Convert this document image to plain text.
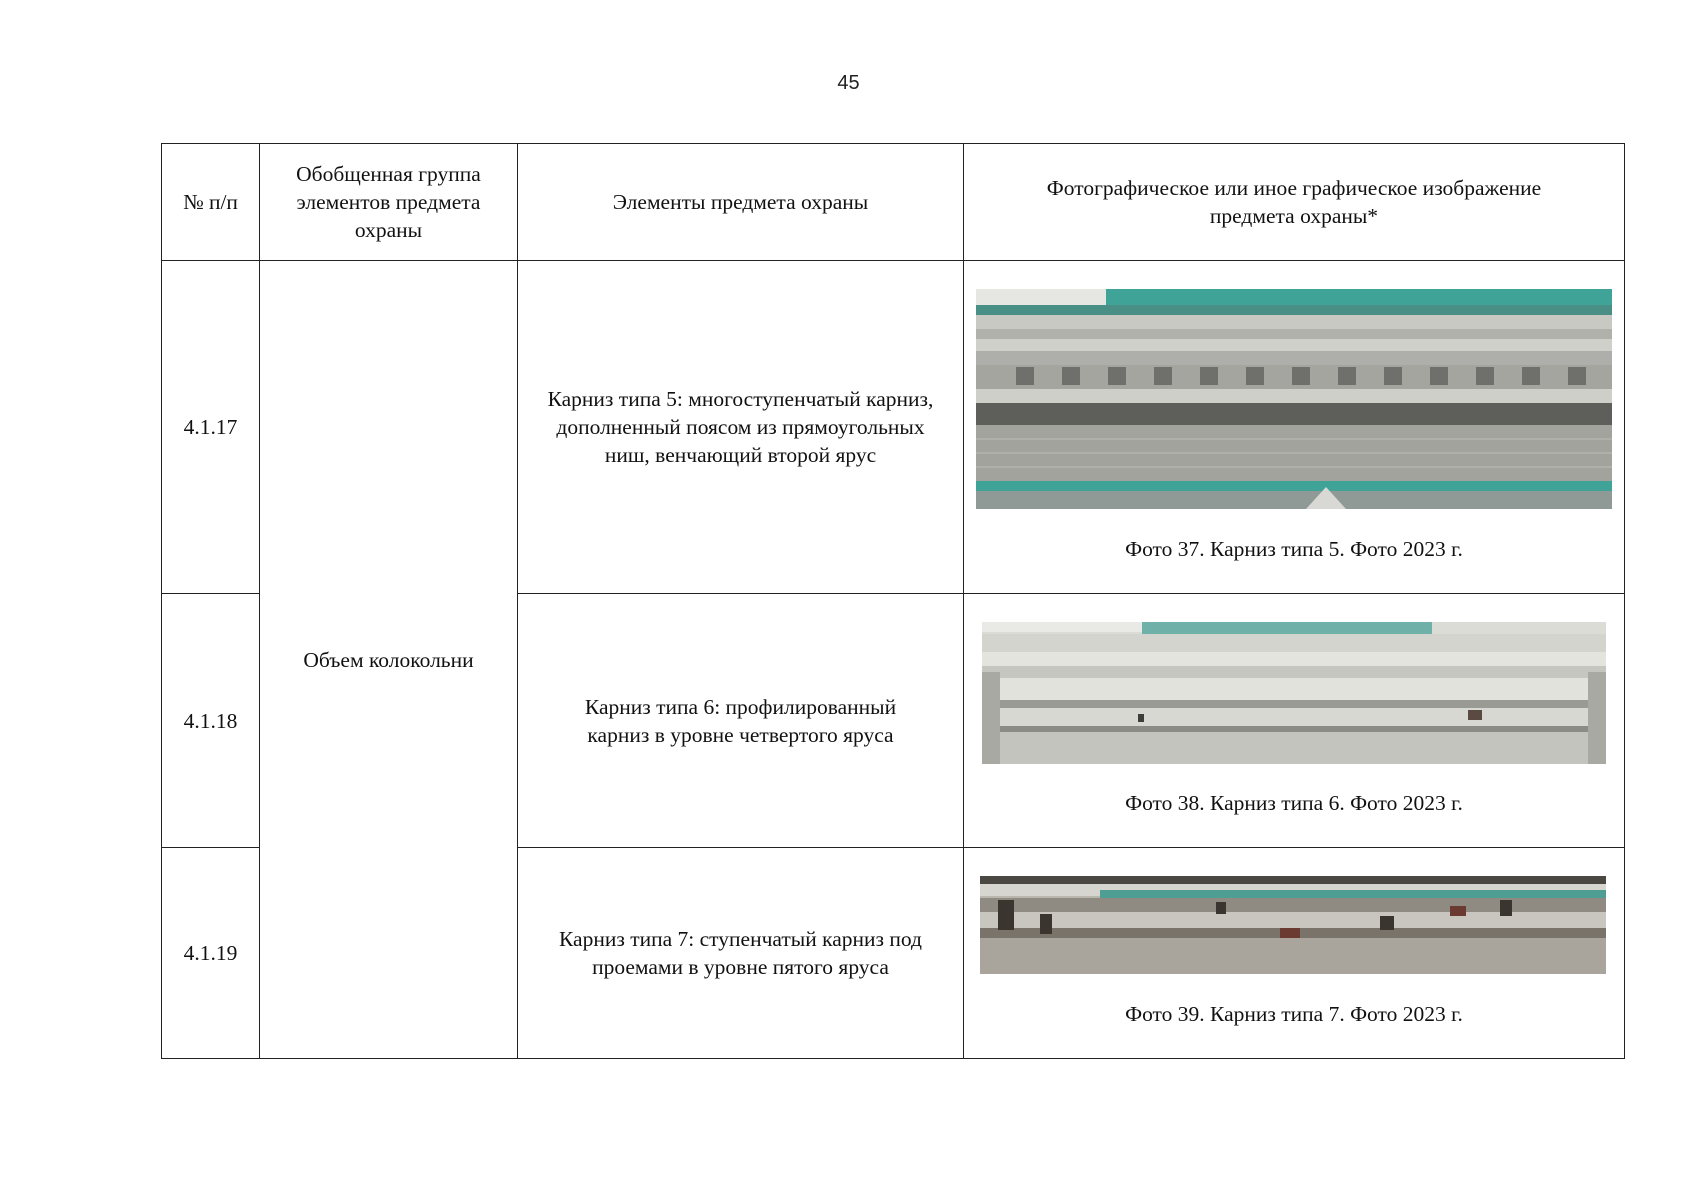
45
№ п/п	Обобщенная группа элементов предмета охраны	Элементы предмета охраны	Фотографическое или иное графическое изображение предмета охраны*

4.1.17	Объем колокольни	Карниз типа 5: многоступенчатый карниз, дополненный поясом из прямоугольных ниш, венчающий второй ярус	Фото 37. Карниз типа 5. Фото 2023 г.

4.1.18		Карниз типа 6: профилированный карниз в уровне четвертого яруса	Фото 38. Карниз типа 6. Фото 2023 г.

4.1.19		Карниз типа 7: ступенчатый карниз под проемами в уровне пятого яруса	Фото 39. Карниз типа 7. Фото 2023 г.
